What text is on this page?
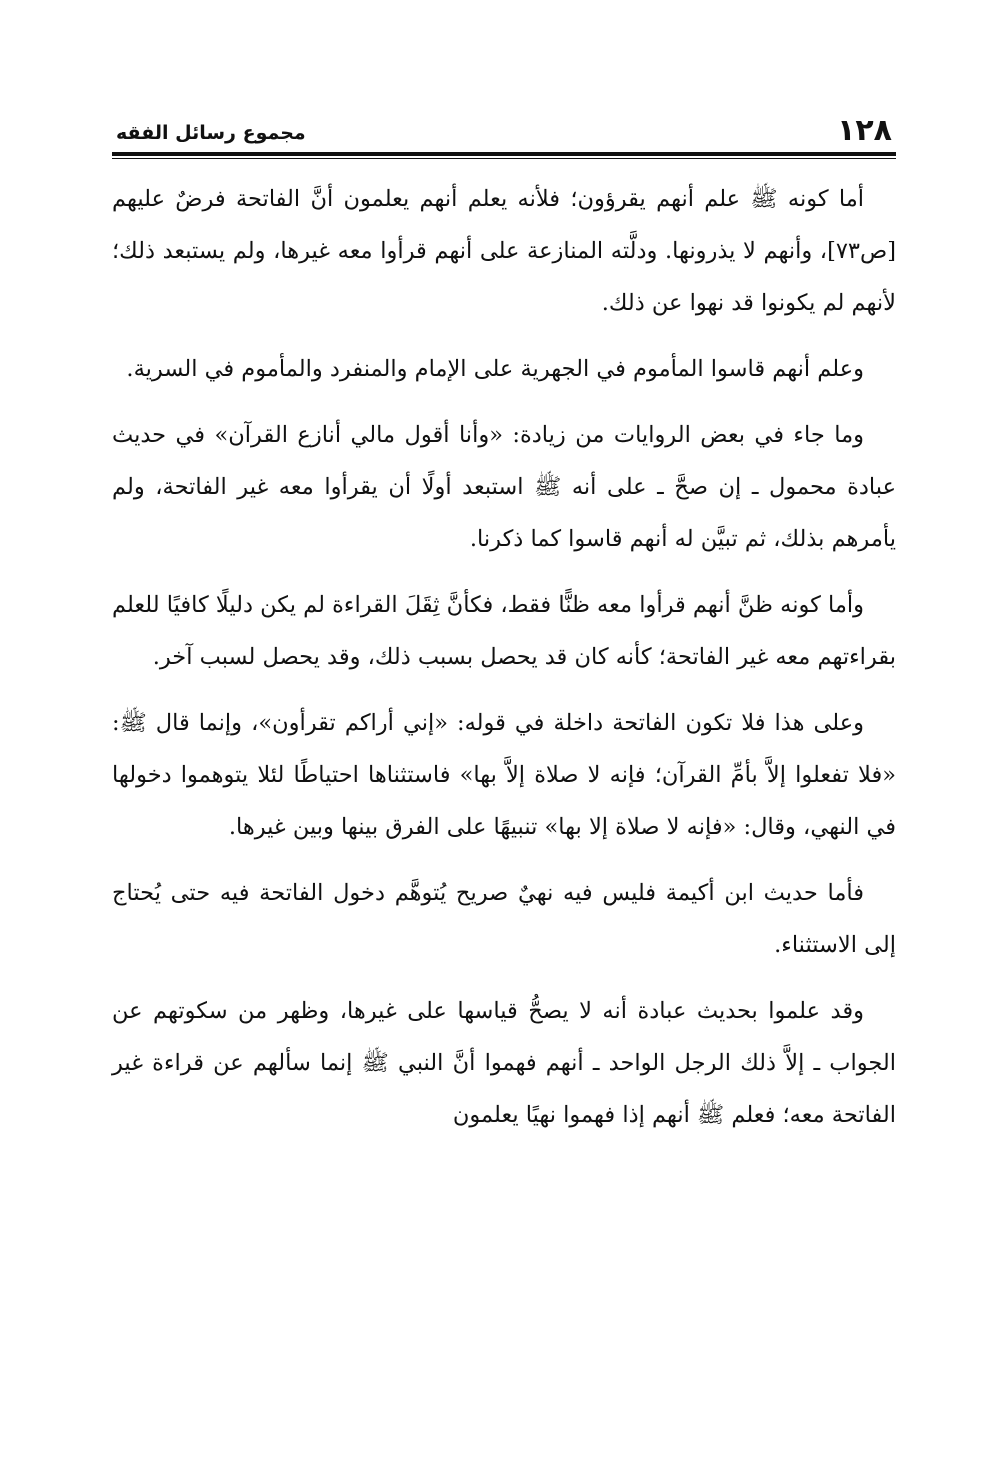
١٢٨
مجموع رسائل الفقه

أما كونه ﷺ علم أنهم يقرؤون؛ فلأنه يعلم أنهم يعلمون أنَّ الفاتحة فرضٌ عليهم [ص٧٣]، وأنهم لا يذرونها. ودلَّته المنازعة على أنهم قرأوا معه غيرها، ولم يستبعد ذلك؛ لأنهم لم يكونوا قد نهوا عن ذلك.

وعلم أنهم قاسوا المأموم في الجهرية على الإمام والمنفرد والمأموم في السرية.

وما جاء في بعض الروايات من زيادة: «وأنا أقول مالي أنازع القرآن» في حديث عبادة محمول ـ إن صحَّ ـ على أنه ﷺ استبعد أولًا أن يقرأوا معه غير الفاتحة، ولم يأمرهم بذلك، ثم تبيَّن له أنهم قاسوا كما ذكرنا.

وأما كونه ظنَّ أنهم قرأوا معه ظنًّا فقط، فكأنَّ ثِقَلَ القراءة لم يكن دليلًا كافيًا للعلم بقراءتهم معه غير الفاتحة؛ كأنه كان قد يحصل بسبب ذلك، وقد يحصل لسبب آخر.

وعلى هذا فلا تكون الفاتحة داخلة في قوله: «إني أراكم تقرأون»، وإنما قال ﷺ: «فلا تفعلوا إلاَّ بأمِّ القرآن؛ فإنه لا صلاة إلاَّ بها» فاستثناها احتياطًا لئلا يتوهموا دخولها في النهي، وقال: «فإنه لا صلاة إلا بها» تنبيهًا على الفرق بينها وبين غيرها.

فأما حديث ابن أكيمة فليس فيه نهيٌ صريح يُتوهَّم دخول الفاتحة فيه حتى يُحتاج إلى الاستثناء.

وقد علموا بحديث عبادة أنه لا يصحُّ قياسها على غيرها، وظهر من سكوتهم عن الجواب ـ إلاَّ ذلك الرجل الواحد ـ أنهم فهموا أنَّ النبي ﷺ إنما سألهم عن قراءة غير الفاتحة معه؛ فعلم ﷺ أنهم إذا فهموا نهيًا يعلمون
